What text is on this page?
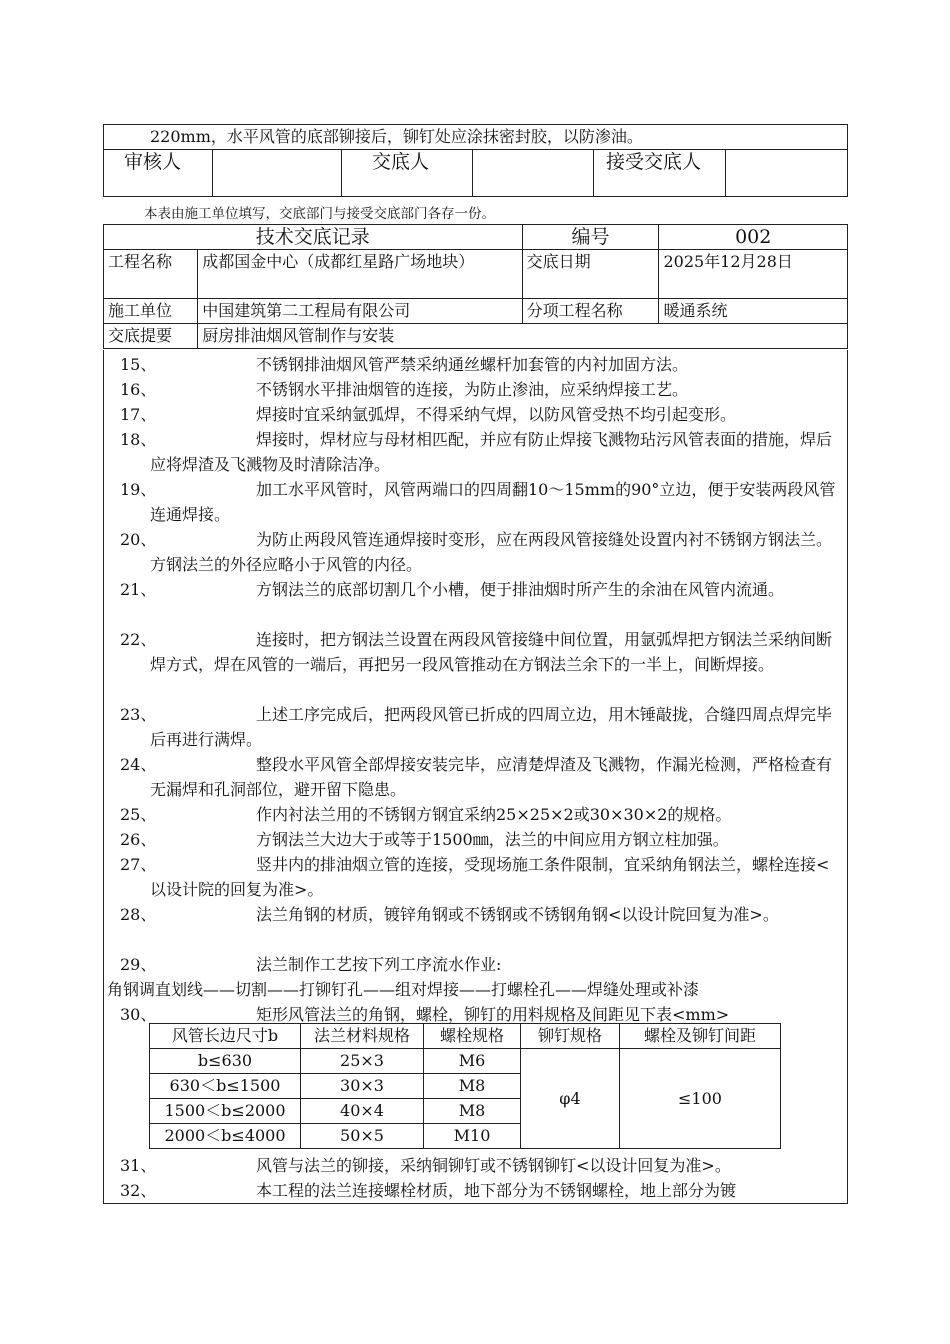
220mm，水平风管的底部铆接后，铆钉处应涂抹密封胶，以防渗油。
审核人		交底人		接受交底人	
本表由施工单位填写，交底部门与接受交底部门各存一份。
技术交底记录		编号	002
工程名称	成都国金中心（成都红星路广场地块）	交底日期	2025年12月28日
施工单位	中国建筑第二工程局有限公司	分项工程名称	暖通系统
交底提要	厨房排油烟风管制作与安装		
15、	不锈钢排油烟风管严禁采纳通丝螺杆加套管的内衬加固方法。
16、	不锈钢水平排油烟管的连接，为防止渗油，应采纳焊接工艺。
17、	焊接时宜采纳氩弧焊，不得采纳气焊，以防风管受热不均引起变形。
18、	焊接时，焊材应与母材相匹配，并应有防止焊接飞溅物玷污风管表面的措施，焊后应将焊渣及飞溅物及时清除洁净。
19、	加工水平风管时，风管两端口的四周翻10～15mm的90°立边，便于安装两段风管连通焊接。
20、	为防止两段风管连通焊接时变形，应在两段风管接缝处设置内衬不锈钢方钢法兰。方钢法兰的外径应略小于风管的内径。
21、	方钢法兰的底部切割几个小槽，便于排油烟时所产生的余油在风管内流通。
22、	连接时，把方钢法兰设置在两段风管接缝中间位置，用氩弧焊把方钢法兰采纳间断焊方式，焊在风管的一端后，再把另一段风管推动在方钢法兰余下的一半上，间断焊接。
23、	上述工序完成后，把两段风管已折成的四周立边，用木锤敲拢，合缝四周点焊完毕后再进行满焊。
24、	整段水平风管全部焊接安装完毕，应清楚焊渣及飞溅物，作漏光检测，严格检查有无漏焊和孔洞部位，避开留下隐患。
25、	作内衬法兰用的不锈钢方钢宜采纳25×25×2或30×30×2的规格。
26、	方钢法兰大边大于或等于1500㎜，法兰的中间应用方钢立柱加强。
27、	竖井内的排油烟立管的连接，受现场施工条件限制，宜采纳角钢法兰，螺栓连接<以设计院的回复为准>。
28、	法兰角钢的材质，镀锌角钢或不锈钢或不锈钢角钢<以设计院回复为准>。
29、	法兰制作工艺按下列工序流水作业:
角钢调直划线——切割——打铆钉孔——组对焊接——打螺栓孔——焊缝处理或补漆
30、	矩形风管法兰的角钢，螺栓，铆钉的用料规格及间距见下表<mm>
风管长边尺寸b	法兰材料规格	螺栓规格	铆钉规格	螺栓及铆钉间距
b≤630	25×3	M6	φ4	≤100
630＜b≤1500	30×3	M8		
1500＜b≤2000	40×4	M8		
2000＜b≤4000	50×5	M10		
31、	风管与法兰的铆接，采纳铜铆钉或不锈钢铆钉<以设计回复为准>。
32、	本工程的法兰连接螺栓材质，地下部分为不锈钢螺栓，地上部分为镀
